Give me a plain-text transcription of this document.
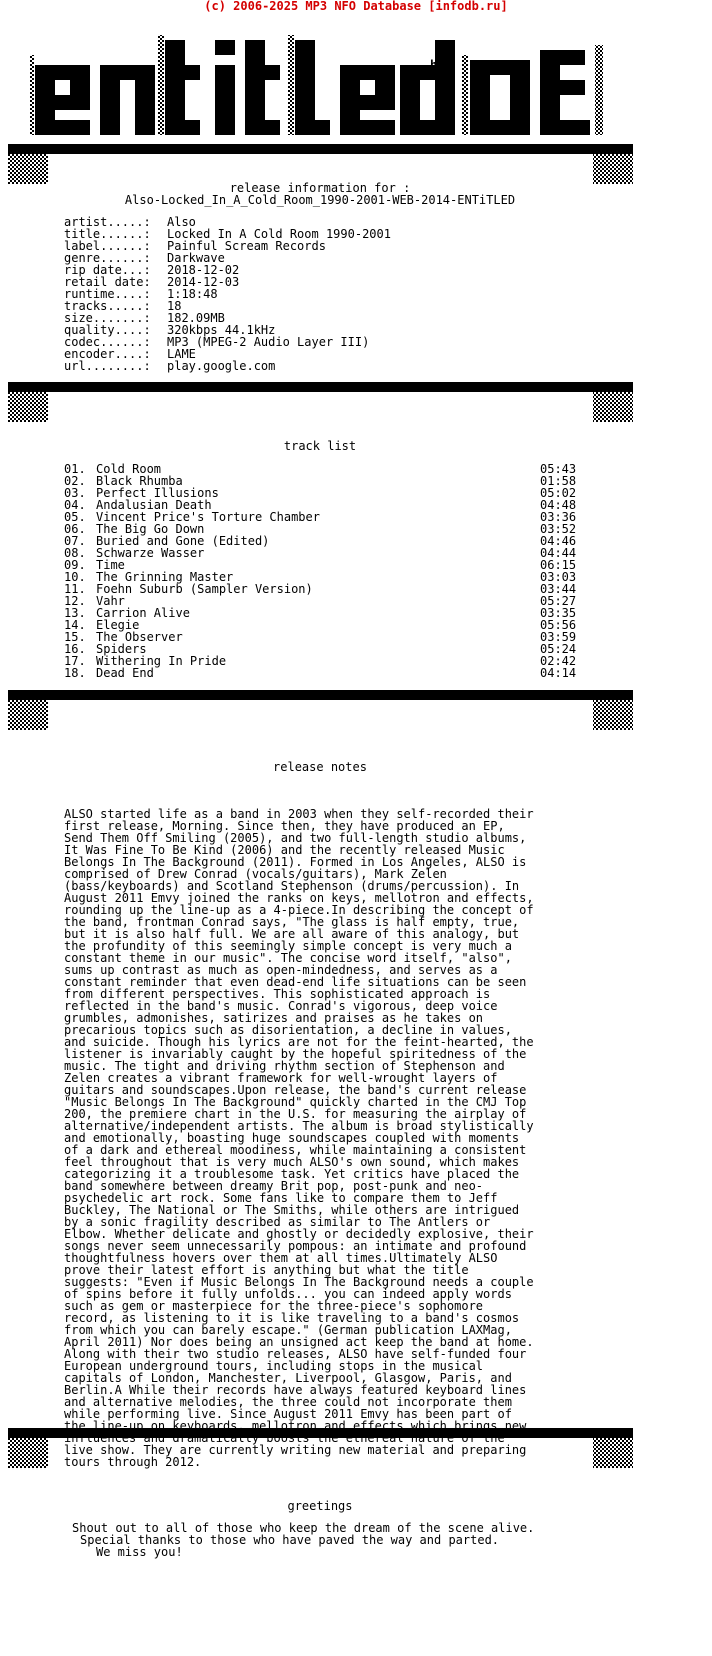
(c) 2006-2025 MP3 NFO Database [infodb.ru]
hX!
release information for :
Also-Locked_In_A_Cold_Room_1990-2001-WEB-2014-ENTiTLED

artist.....:

Also

title......:

Locked In A Cold Room 1990-2001

label......:

Painful Scream Records

genre......:

Darkwave

rip date...:

2018-12-02

retail date:

2014-12-03

runtime....:

1:18:48

tracks.....:

18

size.......:

182.09MB

quality....:

320kbps 44.1kHz

codec......:

MP3 (MPEG-2 Audio Layer III)

encoder....:

LAME

url........:

play.google.com

track list
01. Cold Room	05:43
02. Black Rhumba	01:58
03. Perfect Illusions	05:02
04. Andalusian Death	04:48
05. Vincent Price's Torture Chamber	03:36
06. The Big Go Down	03:52
07. Buried and Gone (Edited)	04:46
08. Schwarze Wasser	04:44
09. Time	06:15
10. The Grinning Master	03:03
11. Foehn Suburb (Sampler Version)	03:44
12. Vahr	05:27
13. Carrion Alive	03:35
14. Elegie	05:56
15. The Observer	03:59
16. Spiders	05:24
17. Withering In Pride	02:42
18. Dead End	04:14
release notes
ALSO started life as a band in 2003 when they self-recorded their
first release, Morning. Since then, they have produced an EP,
Send Them Off Smiling (2005), and two full-length studio albums,
It Was Fine To Be Kind (2006) and the recently released Music
Belongs In The Background (2011). Formed in Los Angeles, ALSO is
comprised of Drew Conrad (vocals/guitars), Mark Zelen
(bass/keyboards) and Scotland Stephenson (drums/percussion). In
August 2011 Emvy joined the ranks on keys, mellotron and effects,
rounding up the line-up as a 4-piece.In describing the concept of
the band, frontman Conrad says, "The glass is half empty, true,
but it is also half full. We are all aware of this analogy, but
the profundity of this seemingly simple concept is very much a
constant theme in our music". The concise word itself, "also",
sums up contrast as much as open-mindedness, and serves as a
constant reminder that even dead-end life situations can be seen
from different perspectives. This sophisticated approach is
reflected in the band's music. Conrad's vigorous, deep voice
grumbles, admonishes, satirizes and praises as he takes on
precarious topics such as disorientation, a decline in values,
and suicide. Though his lyrics are not for the feint-hearted, the
listener is invariably caught by the hopeful spiritedness of the
music. The tight and driving rhythm section of Stephenson and
Zelen creates a vibrant framework for well-wrought layers of
guitars and soundscapes.Upon release, the band's current release
"Music Belongs In The Background" quickly charted in the CMJ Top
200, the premiere chart in the U.S. for measuring the airplay of
alternative/independent artists. The album is broad stylistically
and emotionally, boasting huge soundscapes coupled with moments
of a dark and ethereal moodiness, while maintaining a consistent
feel throughout that is very much ALSO's own sound, which makes
categorizing it a troublesome task. Yet critics have placed the
band somewhere between dreamy Brit pop, post-punk and neo-
psychedelic art rock. Some fans like to compare them to Jeff
Buckley, The National or The Smiths, while others are intrigued
by a sonic fragility described as similar to The Antlers or
Elbow. Whether delicate and ghostly or decidedly explosive, their
songs never seem unnecessarily pompous: an intimate and profound
thoughtfulness hovers over them at all times.Ultimately ALSO
prove their latest effort is anything but what the title
suggests: "Even if Music Belongs In The Background needs a couple
of spins before it fully unfolds... you can indeed apply words
such as gem or masterpiece for the three-piece's sophomore
record, as listening to it is like traveling to a band's cosmos
from which you can barely escape." (German publication LAXMag,
April 2011) Nor does being an unsigned act keep the band at home.
Along with their two studio releases, ALSO have self-funded four
European underground tours, including stops in the musical
capitals of London, Manchester, Liverpool, Glasgow, Paris, and
Berlin.A While their records have always featured keyboard lines
and alternative melodies, the three could not incorporate them
while performing live. Since August 2011 Emvy has been part of
the line-up on keyboards, mellotron and effects which brings new
influences and dramatically boosts the ethereal nature of the
live show. They are currently writing new material and preparing
tours through 2012.
greetings
Shout out to all of those who keep the dream of the scene alive.
Special thanks to those who have paved the way and parted.
We miss you!
